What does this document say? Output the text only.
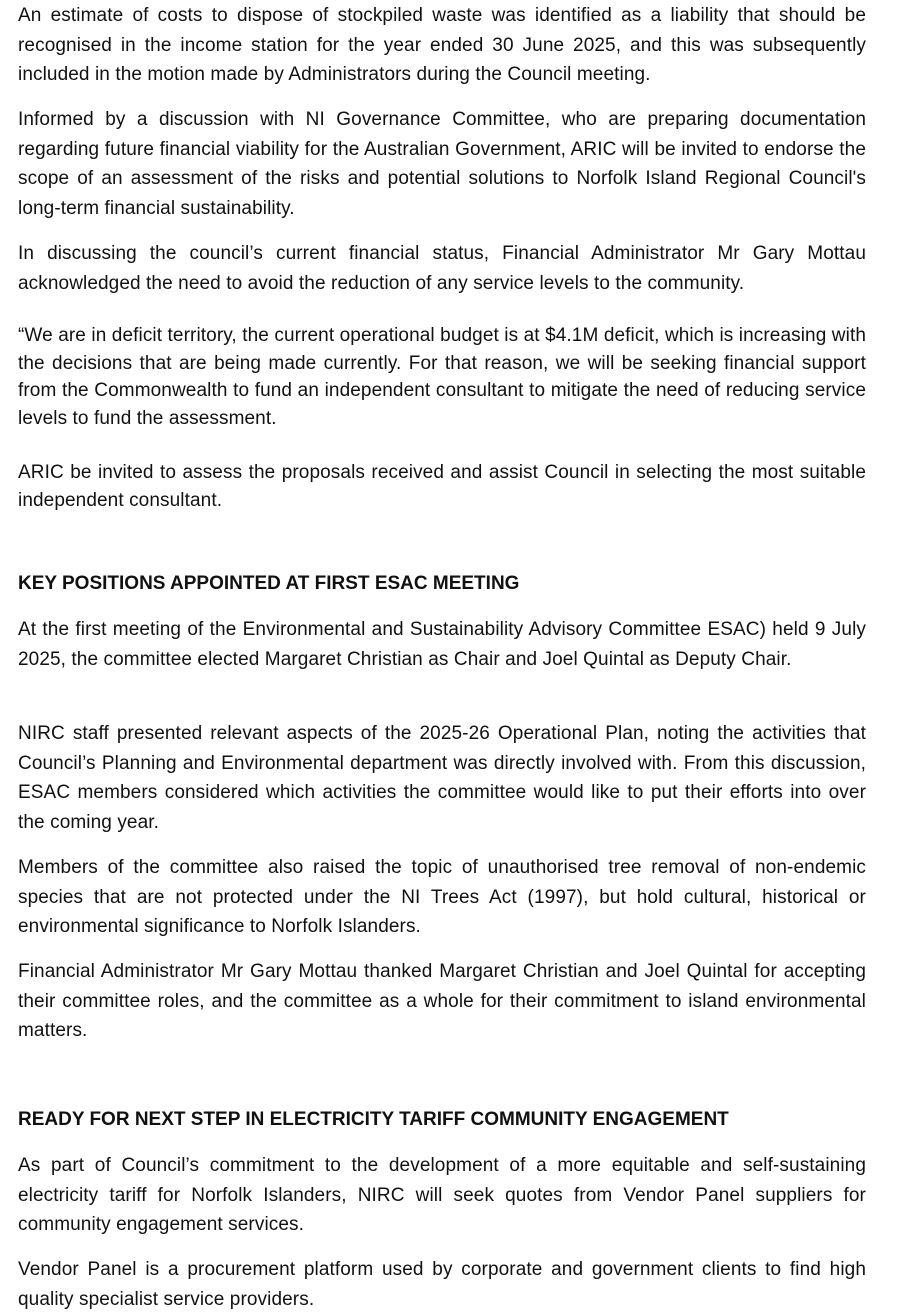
An estimate of costs to dispose of stockpiled waste was identified as a liability that should be recognised in the income station for the year ended 30 June 2025, and this was subsequently included in the motion made by Administrators during the Council meeting.

Informed by a discussion with NI Governance Committee, who are preparing documentation regarding future financial viability for the Australian Government, ARIC will be invited to endorse the scope of an assessment of the risks and potential solutions to Norfolk Island Regional Council's long-term financial sustainability.

In discussing the council’s current financial status, Financial Administrator Mr Gary Mottau acknowledged the need to avoid the reduction of any service levels to the community.

“We are in deficit territory, the current operational budget is at $4.1M deficit, which is increasing with the decisions that are being made currently. For that reason, we will be seeking financial support from the Commonwealth to fund an independent consultant to mitigate the need of reducing service levels to fund the assessment.

ARIC be invited to assess the proposals received and assist Council in selecting the most suitable independent consultant.

KEY POSITIONS APPOINTED AT FIRST ESAC MEETING

At the first meeting of the Environmental and Sustainability Advisory Committee ESAC) held 9 July 2025, the committee elected Margaret Christian as Chair and Joel Quintal as Deputy Chair.

NIRC staff presented relevant aspects of the 2025-26 Operational Plan, noting the activities that Council’s Planning and Environmental department was directly involved with. From this discussion, ESAC members considered which activities the committee would like to put their efforts into over the coming year.

Members of the committee also raised the topic of unauthorised tree removal of non-endemic species that are not protected under the NI Trees Act (1997), but hold cultural, historical or environmental significance to Norfolk Islanders.

Financial Administrator Mr Gary Mottau thanked Margaret Christian and Joel Quintal for accepting their committee roles, and the committee as a whole for their commitment to island environmental matters.

READY FOR NEXT STEP IN ELECTRICITY TARIFF COMMUNITY ENGAGEMENT

As part of Council’s commitment to the development of a more equitable and self-sustaining electricity tariff for Norfolk Islanders, NIRC will seek quotes from Vendor Panel suppliers for community engagement services.

Vendor Panel is a procurement platform used by corporate and government clients to find high quality specialist service providers.
